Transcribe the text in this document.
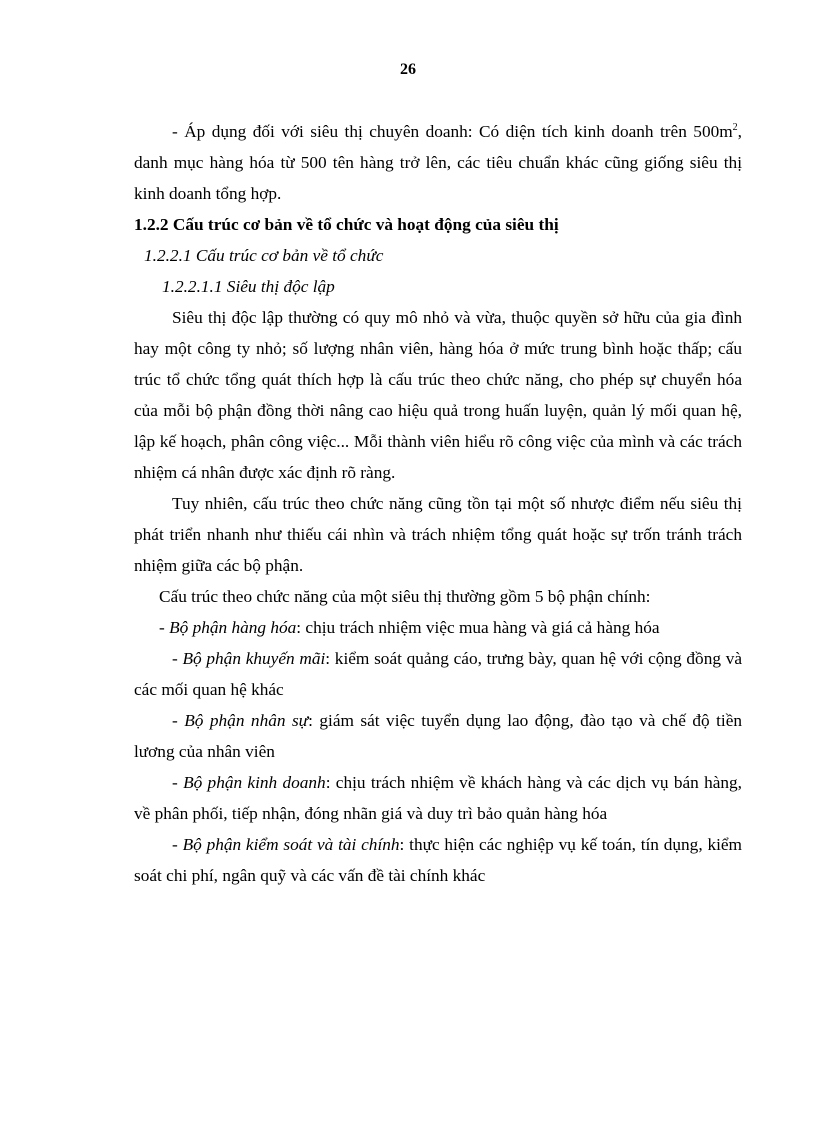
26

- Áp dụng đối với siêu thị chuyên doanh: Có diện tích kinh doanh trên $500m^2$, danh mục hàng hóa từ 500 tên hàng trở lên, các tiêu chuẩn khác cũng giống siêu thị kinh doanh tổng hợp.

1.2.2 Cấu trúc cơ bản về tổ chức và hoạt động của siêu thị

1.2.2.1 Cấu trúc cơ bản về tổ chức

1.2.2.1.1 Siêu thị độc lập

Siêu thị độc lập thường có quy mô nhỏ và vừa, thuộc quyền sở hữu của gia đình hay một công ty nhỏ; số lượng nhân viên, hàng hóa ở mức trung bình hoặc thấp; cấu trúc tổ chức tổng quát thích hợp là cấu trúc theo chức năng, cho phép sự chuyển hóa của mỗi bộ phận đồng thời nâng cao hiệu quả trong huấn luyện, quản lý mối quan hệ, lập kế hoạch, phân công việc... Mỗi thành viên hiểu rõ công việc của mình và các trách nhiệm cá nhân được xác định rõ ràng.

Tuy nhiên, cấu trúc theo chức năng cũng tồn tại một số nhược điểm nếu siêu thị phát triển nhanh như thiếu cái nhìn và trách nhiệm tổng quát hoặc sự trốn tránh trách nhiệm giữa các bộ phận.

Cấu trúc theo chức năng của một siêu thị thường gồm 5 bộ phận chính:

- Bộ phận hàng hóa: chịu trách nhiệm việc mua hàng và giá cả hàng hóa

- Bộ phận khuyến mãi: kiểm soát quảng cáo, trưng bày, quan hệ với cộng đồng và các mối quan hệ khác

- Bộ phận nhân sự: giám sát việc tuyển dụng lao động, đào tạo và chế độ tiền lương của nhân viên

- Bộ phận kinh doanh: chịu trách nhiệm về khách hàng và các dịch vụ bán hàng, về phân phối, tiếp nhận, đóng nhãn giá và duy trì bảo quản hàng hóa

- Bộ phận kiểm soát và tài chính: thực hiện các nghiệp vụ kế toán, tín dụng, kiểm soát chi phí, ngân quỹ và các vấn đề tài chính khác
